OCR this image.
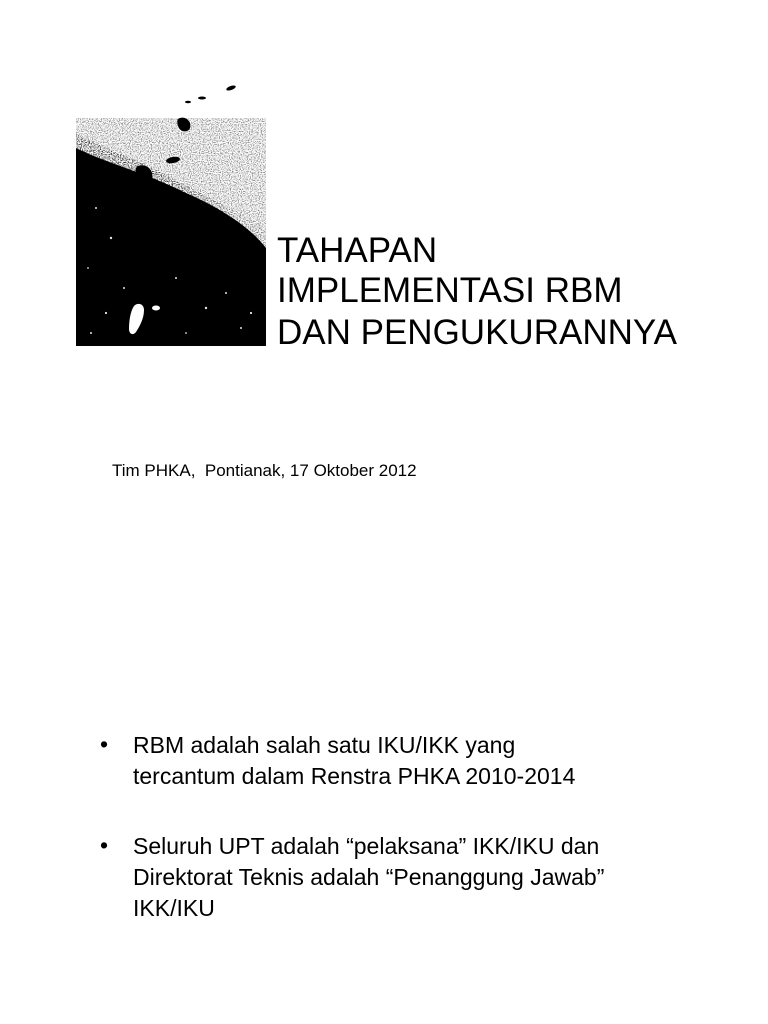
TAHAPAN
IMPLEMENTASI RBM
DAN PENGUKURANNYA

Tim PHKA,  Pontianak, 17 Oktober 2012

• RBM adalah salah satu IKU/IKK yang
tercantum dalam Renstra PHKA 2010-2014
• Seluruh UPT adalah “pelaksana” IKK/IKU dan
Direktorat Teknis adalah “Penanggung Jawab”
IKK/IKU
